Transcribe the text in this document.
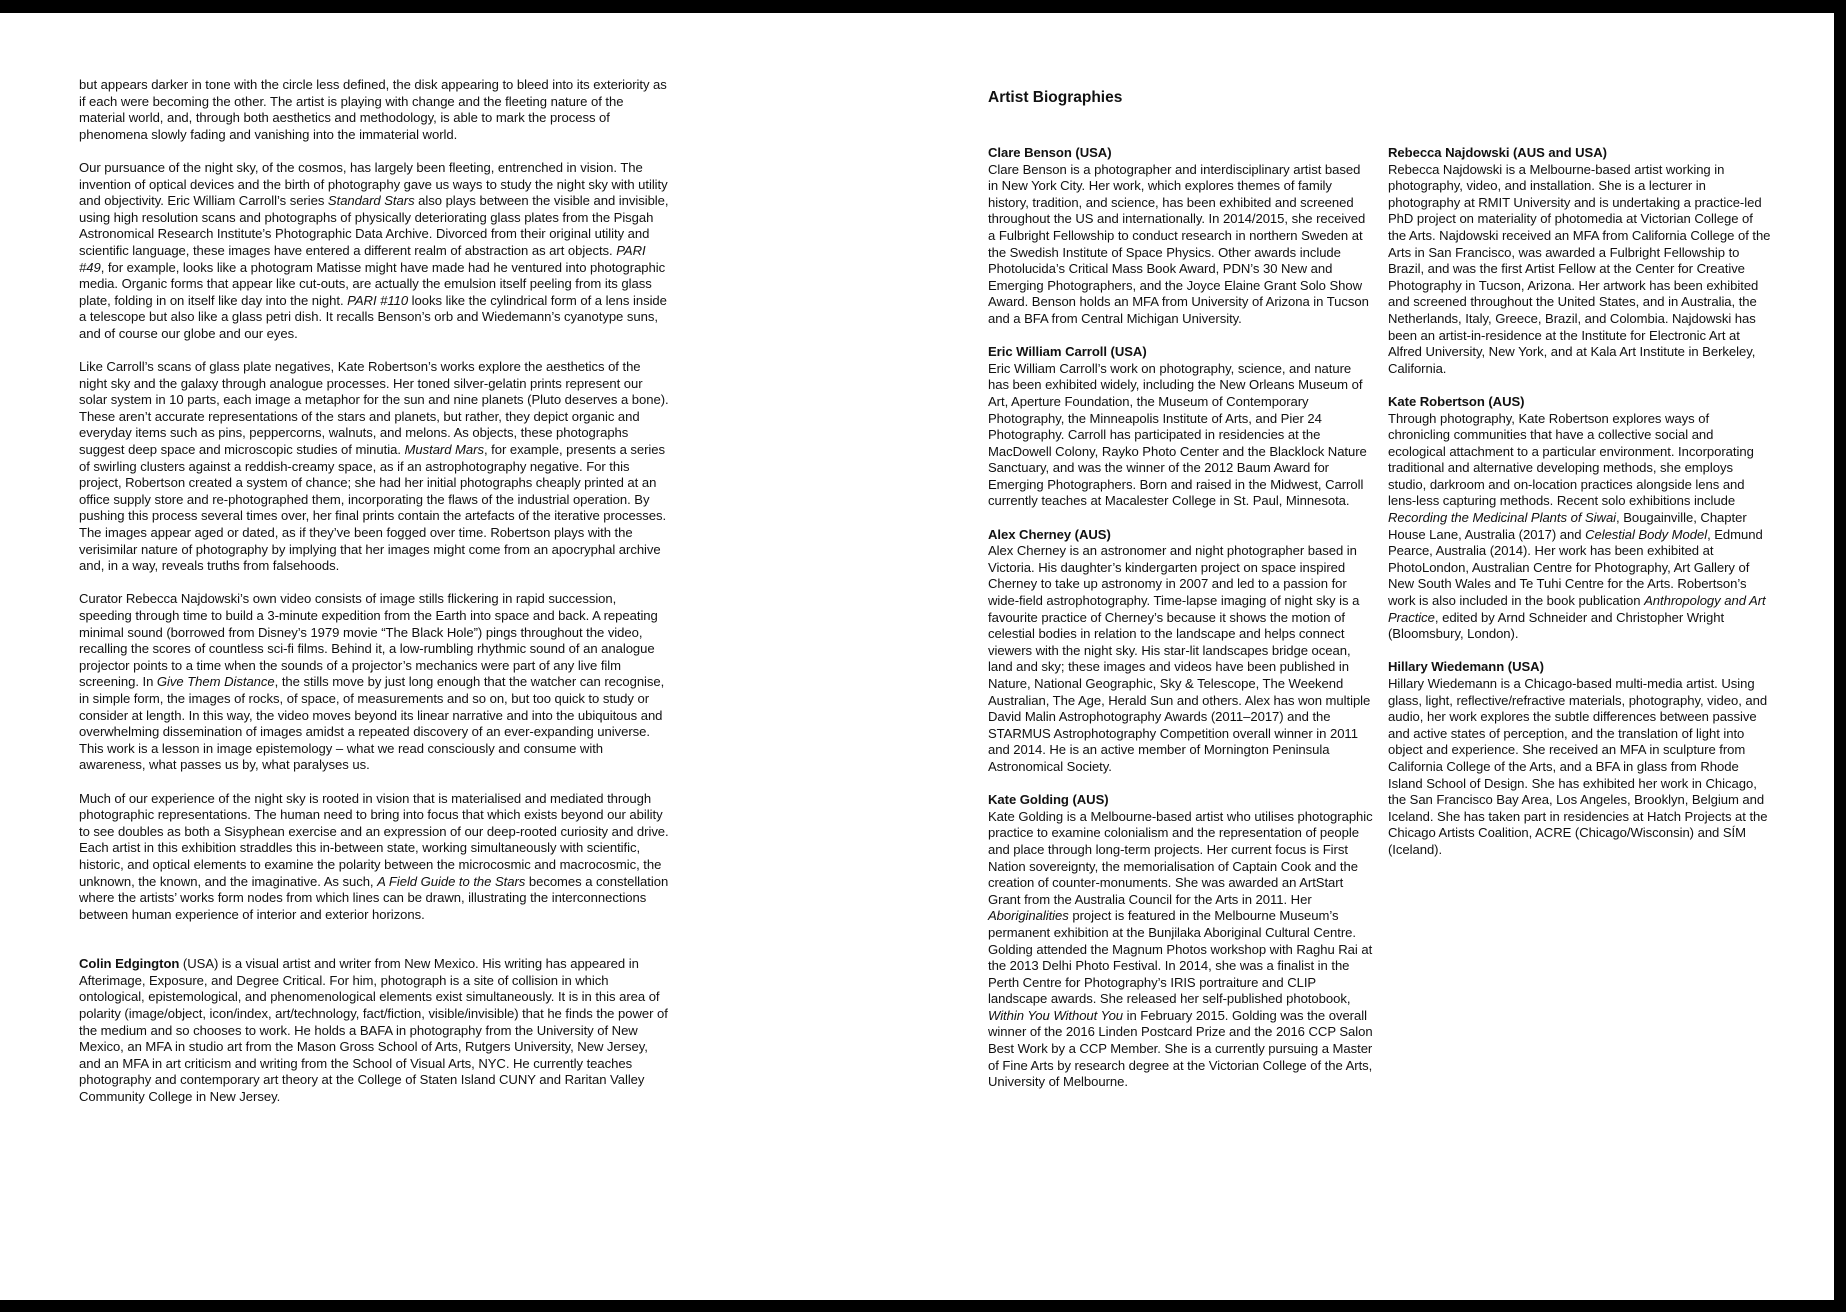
but appears darker in tone with the circle less defined, the disk appearing to bleed into its exteriority as if each were becoming the other. The artist is playing with change and the fleeting nature of the material world, and, through both aesthetics and methodology, is able to mark the process of phenomena slowly fading and vanishing into the immaterial world.

Our pursuance of the night sky, of the cosmos, has largely been fleeting, entrenched in vision. The invention of optical devices and the birth of photography gave us ways to study the night sky with utility and objectivity. Eric William Carroll’s series Standard Stars also plays between the visible and invisible, using high resolution scans and photographs of physically deteriorating glass plates from the Pisgah Astronomical Research Institute’s Photographic Data Archive. Divorced from their original utility and scientific language, these images have entered a different realm of abstraction as art objects. PARI #49, for example, looks like a photogram Matisse might have made had he ventured into photographic media. Organic forms that appear like cut-outs, are actually the emulsion itself peeling from its glass plate, folding in on itself like day into the night. PARI #110 looks like the cylindrical form of a lens inside a telescope but also like a glass petri dish. It recalls Benson’s orb and Wiedemann’s cyanotype suns, and of course our globe and our eyes.

Like Carroll’s scans of glass plate negatives, Kate Robertson’s works explore the aesthetics of the night sky and the galaxy through analogue processes. Her toned silver-gelatin prints represent our solar system in 10 parts, each image a metaphor for the sun and nine planets (Pluto deserves a bone). These aren’t accurate representations of the stars and planets, but rather, they depict organic and everyday items such as pins, peppercorns, walnuts, and melons. As objects, these photographs suggest deep space and microscopic studies of minutia. Mustard Mars, for example, presents a series of swirling clusters against a reddish-creamy space, as if an astrophotography negative. For this project, Robertson created a system of chance; she had her initial photographs cheaply printed at an office supply store and re-photographed them, incorporating the flaws of the industrial operation. By pushing this process several times over, her final prints contain the artefacts of the iterative processes. The images appear aged or dated, as if they’ve been fogged over time. Robertson plays with the verisimilar nature of photography by implying that her images might come from an apocryphal archive and, in a way, reveals truths from falsehoods.

Curator Rebecca Najdowski’s own video consists of image stills flickering in rapid succession, speeding through time to build a 3-minute expedition from the Earth into space and back. A repeating minimal sound (borrowed from Disney’s 1979 movie “The Black Hole”) pings throughout the video, recalling the scores of countless sci-fi films. Behind it, a low-rumbling rhythmic sound of an analogue projector points to a time when the sounds of a projector’s mechanics were part of any live film screening. In Give Them Distance, the stills move by just long enough that the watcher can recognise, in simple form, the images of rocks, of space, of measurements and so on, but too quick to study or consider at length. In this way, the video moves beyond its linear narrative and into the ubiquitous and overwhelming dissemination of images amidst a repeated discovery of an ever-expanding universe. This work is a lesson in image epistemology – what we read consciously and consume with awareness, what passes us by, what paralyses us.

Much of our experience of the night sky is rooted in vision that is materialised and mediated through photographic representations. The human need to bring into focus that which exists beyond our ability to see doubles as both a Sisyphean exercise and an expression of our deep-rooted curiosity and drive. Each artist in this exhibition straddles this in-between state, working simultaneously with scientific, historic, and optical elements to examine the polarity between the microcosmic and macrocosmic, the unknown, the known, and the imaginative. As such, A Field Guide to the Stars becomes a constellation where the artists’ works form nodes from which lines can be drawn, illustrating the interconnections between human experience of interior and exterior horizons.

Colin Edgington (USA) is a visual artist and writer from New Mexico. His writing has appeared in Afterimage, Exposure, and Degree Critical. For him, photograph is a site of collision in which ontological, epistemological, and phenomenological elements exist simultaneously. It is in this area of polarity (image/object, icon/index, art/technology, fact/fiction, visible/invisible) that he finds the power of the medium and so chooses to work. He holds a BAFA in photography from the University of New Mexico, an MFA in studio art from the Mason Gross School of Arts, Rutgers University, New Jersey, and an MFA in art criticism and writing from the School of Visual Arts, NYC. He currently teaches photography and contemporary art theory at the College of Staten Island CUNY and Raritan Valley Community College in New Jersey.

Artist Biographies
Clare Benson (USA)
Clare Benson is a photographer and interdisciplinary artist based in New York City. Her work, which explores themes of family history, tradition, and science, has been exhibited and screened throughout the US and internationally. In 2014/2015, she received a Fulbright Fellowship to conduct research in northern Sweden at the Swedish Institute of Space Physics. Other awards include Photolucida’s Critical Mass Book Award, PDN’s 30 New and Emerging Photographers, and the Joyce Elaine Grant Solo Show Award. Benson holds an MFA from University of Arizona in Tucson and a BFA from Central Michigan University.
Eric William Carroll (USA)
Eric William Carroll’s work on photography, science, and nature has been exhibited widely, including the New Orleans Museum of Art, Aperture Foundation, the Museum of Contemporary Photography, the Minneapolis Institute of Arts, and Pier 24 Photography. Carroll has participated in residencies at the MacDowell Colony, Rayko Photo Center and the Blacklock Nature Sanctuary, and was the winner of the 2012 Baum Award for Emerging Photographers. Born and raised in the Midwest, Carroll currently teaches at Macalester College in St. Paul, Minnesota.
Alex Cherney (AUS)
Alex Cherney is an astronomer and night photographer based in Victoria. His daughter’s kindergarten project on space inspired Cherney to take up astronomy in 2007 and led to a passion for wide-field astrophotography. Time-lapse imaging of night sky is a favourite practice of Cherney’s because it shows the motion of celestial bodies in relation to the landscape and helps connect viewers with the night sky. His star-lit landscapes bridge ocean, land and sky; these images and videos have been published in Nature, National Geographic, Sky & Telescope, The Weekend Australian, The Age, Herald Sun and others. Alex has won multiple David Malin Astrophotography Awards (2011–2017) and the STARMUS Astrophotography Competition overall winner in 2011 and 2014. He is an active member of Mornington Peninsula Astronomical Society.
Kate Golding (AUS)
Kate Golding is a Melbourne-based artist who utilises photographic practice to examine colonialism and the representation of people and place through long-term projects. Her current focus is First Nation sovereignty, the memorialisation of Captain Cook and the creation of counter-monuments. She was awarded an ArtStart Grant from the Australia Council for the Arts in 2011. Her Aboriginalities project is featured in the Melbourne Museum’s permanent exhibition at the Bunjilaka Aboriginal Cultural Centre. Golding attended the Magnum Photos workshop with Raghu Rai at the 2013 Delhi Photo Festival. In 2014, she was a finalist in the Perth Centre for Photography’s IRIS portraiture and CLIP landscape awards. She released her self-published photobook, Within You Without You in February 2015. Golding was the overall winner of the 2016 Linden Postcard Prize and the 2016 CCP Salon Best Work by a CCP Member. She is a currently pursuing a Master of Fine Arts by research degree at the Victorian College of the Arts, University of Melbourne.
Rebecca Najdowski (AUS and USA)
Rebecca Najdowski is a Melbourne-based artist working in photography, video, and installation. She is a lecturer in photography at RMIT University and is undertaking a practice-led PhD project on materiality of photomedia at Victorian College of the Arts. Najdowski received an MFA from California College of the Arts in San Francisco, was awarded a Fulbright Fellowship to Brazil, and was the first Artist Fellow at the Center for Creative Photography in Tucson, Arizona. Her artwork has been exhibited and screened throughout the United States, and in Australia, the Netherlands, Italy, Greece, Brazil, and Colombia. Najdowski has been an artist-in-residence at the Institute for Electronic Art at Alfred University, New York, and at Kala Art Institute in Berkeley, California.
Kate Robertson (AUS)
Through photography, Kate Robertson explores ways of chronicling communities that have a collective social and ecological attachment to a particular environment. Incorporating traditional and alternative developing methods, she employs studio, darkroom and on-location practices alongside lens and lens-less capturing methods. Recent solo exhibitions include Recording the Medicinal Plants of Siwai, Bougainville, Chapter House Lane, Australia (2017) and Celestial Body Model, Edmund Pearce, Australia (2014). Her work has been exhibited at PhotoLondon, Australian Centre for Photography, Art Gallery of New South Wales and Te Tuhi Centre for the Arts. Robertson’s work is also included in the book publication Anthropology and Art Practice, edited by Arnd Schneider and Christopher Wright (Bloomsbury, London).
Hillary Wiedemann (USA)
Hillary Wiedemann is a Chicago-based multi-media artist. Using glass, light, reflective/refractive materials, photography, video, and audio, her work explores the subtle differences between passive and active states of perception, and the translation of light into object and experience. She received an MFA in sculpture from California College of the Arts, and a BFA in glass from Rhode Island School of Design. She has exhibited her work in Chicago, the San Francisco Bay Area, Los Angeles, Brooklyn, Belgium and Iceland. She has taken part in residencies at Hatch Projects at the Chicago Artists Coalition, ACRE (Chicago/Wisconsin) and SÍM (Iceland).
